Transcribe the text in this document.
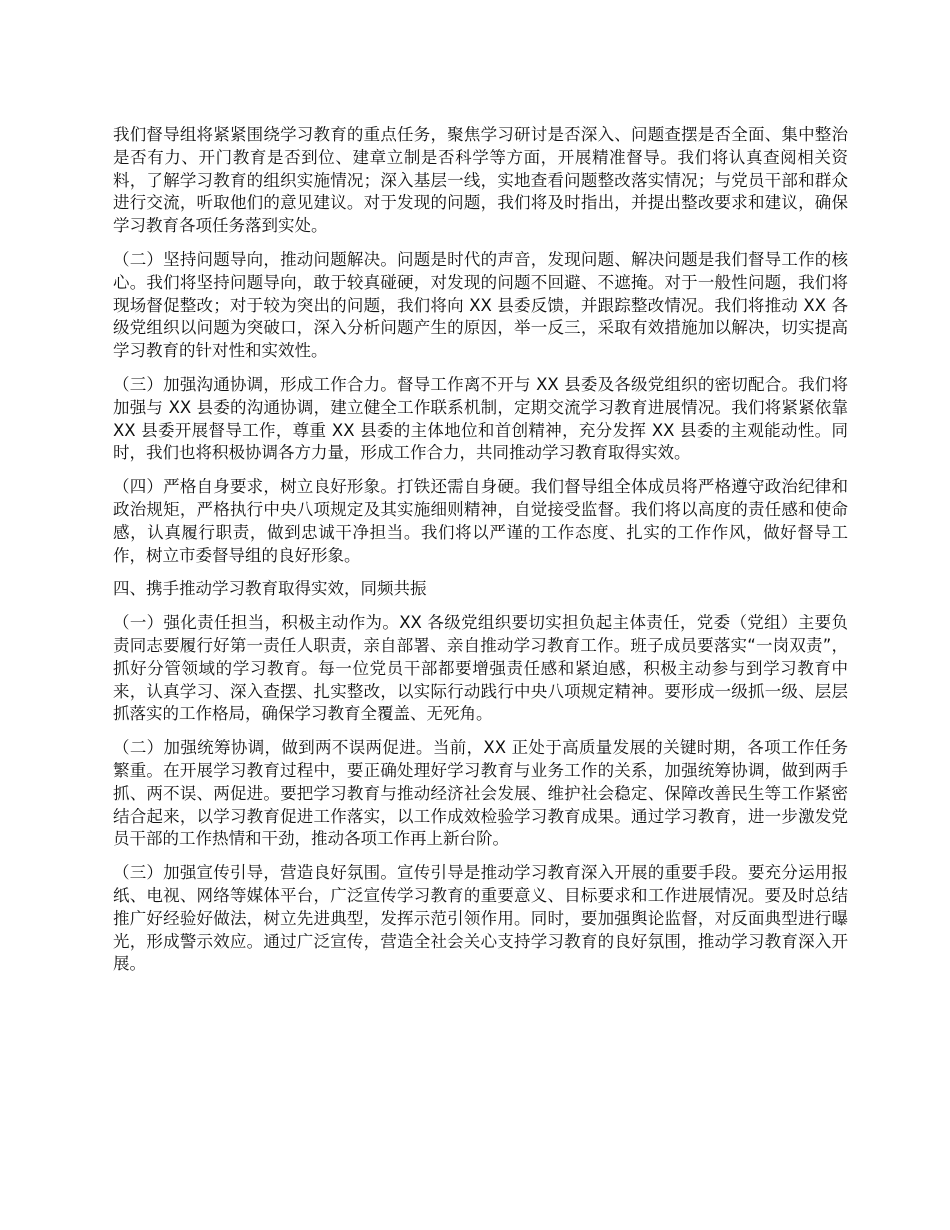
我们督导组将紧紧围绕学习教育的重点任务，聚焦学习研讨是否深入、问题查摆是否全面、集中整治是否有力、开门教育是否到位、建章立制是否科学等方面，开展精准督导。我们将认真查阅相关资料，了解学习教育的组织实施情况；深入基层一线，实地查看问题整改落实情况；与党员干部和群众进行交流，听取他们的意见建议。对于发现的问题，我们将及时指出，并提出整改要求和建议，确保学习教育各项任务落到实处。

（二）坚持问题导向，推动问题解决。问题是时代的声音，发现问题、解决问题是我们督导工作的核心。我们将坚持问题导向，敢于较真碰硬，对发现的问题不回避、不遮掩。对于一般性问题，我们将现场督促整改；对于较为突出的问题，我们将向 XX 县委反馈，并跟踪整改情况。我们将推动 XX 各级党组织以问题为突破口，深入分析问题产生的原因，举一反三，采取有效措施加以解决，切实提高学习教育的针对性和实效性。

（三）加强沟通协调，形成工作合力。督导工作离不开与 XX 县委及各级党组织的密切配合。我们将加强与 XX 县委的沟通协调，建立健全工作联系机制，定期交流学习教育进展情况。我们将紧紧依靠 XX 县委开展督导工作，尊重 XX 县委的主体地位和首创精神，充分发挥 XX 县委的主观能动性。同时，我们也将积极协调各方力量，形成工作合力，共同推动学习教育取得实效。

（四）严格自身要求，树立良好形象。打铁还需自身硬。我们督导组全体成员将严格遵守政治纪律和政治规矩，严格执行中央八项规定及其实施细则精神，自觉接受监督。我们将以高度的责任感和使命感，认真履行职责，做到忠诚干净担当。我们将以严谨的工作态度、扎实的工作作风，做好督导工作，树立市委督导组的良好形象。

四、携手推动学习教育取得实效，同频共振

（一）强化责任担当，积极主动作为。XX 各级党组织要切实担负起主体责任，党委（党组）主要负责同志要履行好第一责任人职责，亲自部署、亲自推动学习教育工作。班子成员要落实“一岗双责”，抓好分管领域的学习教育。每一位党员干部都要增强责任感和紧迫感，积极主动参与到学习教育中来，认真学习、深入查摆、扎实整改，以实际行动践行中央八项规定精神。要形成一级抓一级、层层抓落实的工作格局，确保学习教育全覆盖、无死角。

（二）加强统筹协调，做到两不误两促进。当前，XX 正处于高质量发展的关键时期，各项工作任务繁重。在开展学习教育过程中，要正确处理好学习教育与业务工作的关系，加强统筹协调，做到两手抓、两不误、两促进。要把学习教育与推动经济社会发展、维护社会稳定、保障改善民生等工作紧密结合起来，以学习教育促进工作落实，以工作成效检验学习教育成果。通过学习教育，进一步激发党员干部的工作热情和干劲，推动各项工作再上新台阶。

（三）加强宣传引导，营造良好氛围。宣传引导是推动学习教育深入开展的重要手段。要充分运用报纸、电视、网络等媒体平台，广泛宣传学习教育的重要意义、目标要求和工作进展情况。要及时总结推广好经验好做法，树立先进典型，发挥示范引领作用。同时，要加强舆论监督，对反面典型进行曝光，形成警示效应。通过广泛宣传，营造全社会关心支持学习教育的良好氛围，推动学习教育深入开展。
